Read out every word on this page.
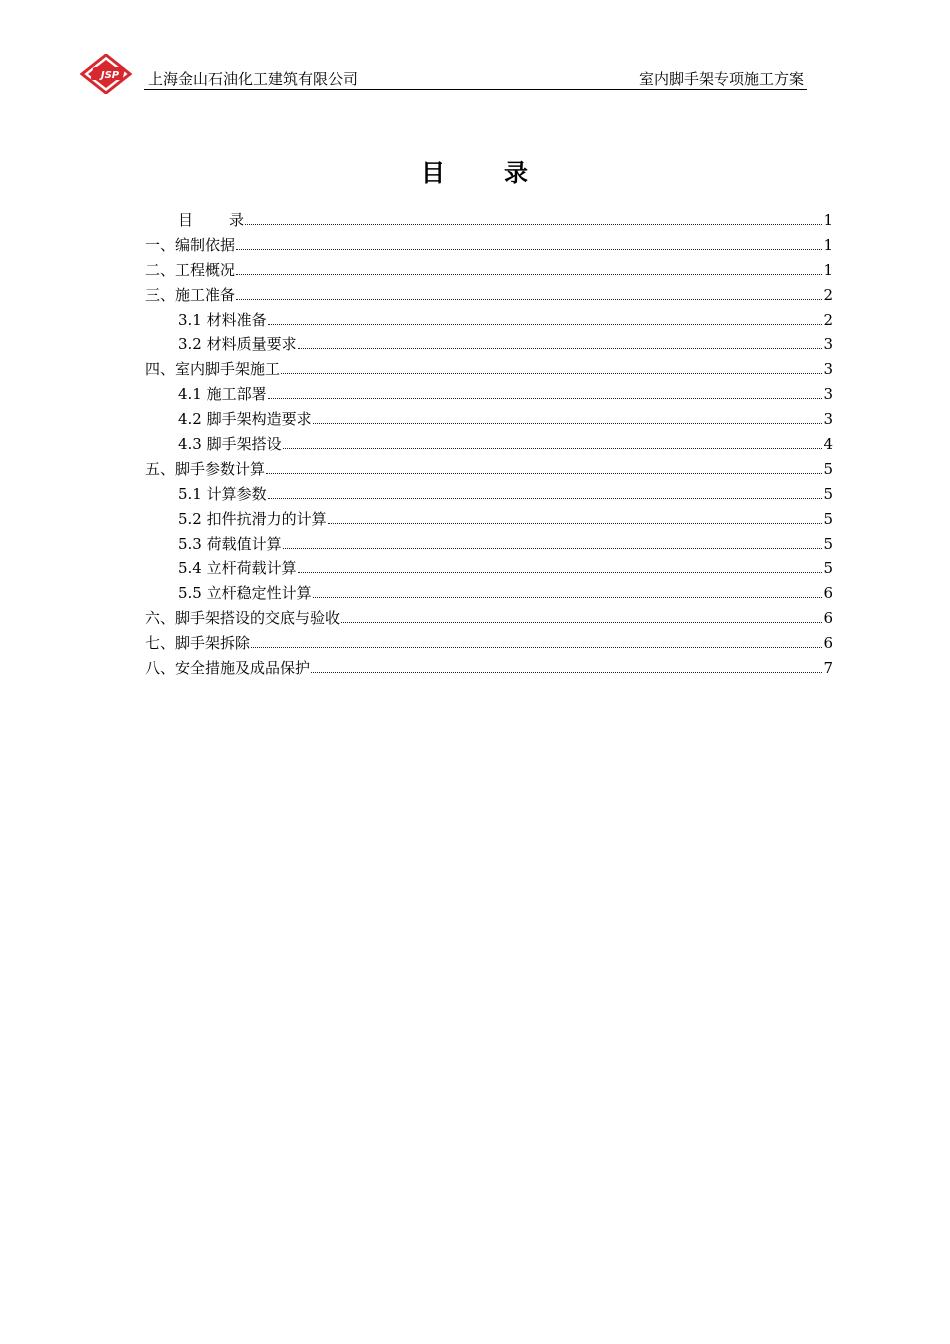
JSP 上海金山石油化工建筑有限公司	室内脚手架专项施工方案
目 录
目 录	1
一、编制依据	1
二、工程概况	1
三、施工准备	2
3.1 材料准备	2
3.2 材料质量要求	3
四、室内脚手架施工	3
4.1 施工部署	3
4.2 脚手架构造要求	3
4.3 脚手架搭设	4
五、脚手参数计算	5
5.1 计算参数	5
5.2 扣件抗滑力的计算	5
5.3 荷载值计算	5
5.4 立杆荷载计算	5
5.5 立杆稳定性计算	6
六、脚手架搭设的交底与验收	6
七、脚手架拆除	6
八、安全措施及成品保护	7
